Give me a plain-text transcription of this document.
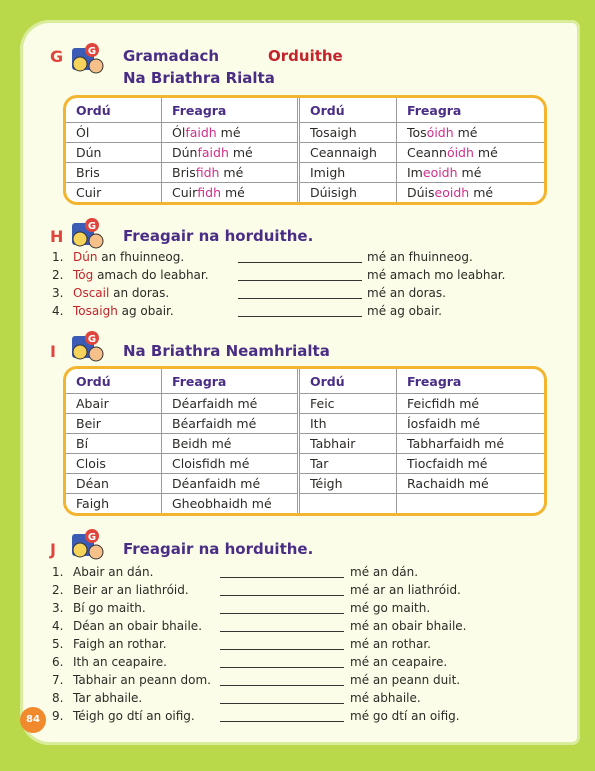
G G Gramadach	Orduithe
Na Briathra Rialta
Ordú	Freagra	Ordú	Freagra
Ól	Ólfaidh mé	Tosaigh	Tosóidh mé
Dún	Dúnfaidh mé	Ceannaigh	Ceannóidh mé
Bris	Brisfidh mé	Imigh	Imeoidh mé
Cuir	Cuirfidh mé	Dúisigh	Dúiseoidh mé
H
G
Freagair na horduithe.
1. Dún an fhuinneog.	mé an fhuinneog.
2. Tóg amach do leabhar.	mé amach mo leabhar.
3. Oscail an doras.	mé an doras.
4. Tosaigh ag obair.	mé ag obair.
I
G
Na Briathra Neamhrialta
Ordú	Freagra	Ordú	Freagra
Abair	Déarfaidh mé	Feic	Feicfidh mé
Beir	Béarfaidh mé	Ith	Íosfaidh mé
Bí	Beidh mé	Tabhair	Tabharfaidh mé
Clois	Cloisfidh mé	Tar	Tiocfaidh mé
Déan	Déanfaidh mé	Téigh	Rachaidh mé
Faigh	Gheobhaidh mé		
J
G
Freagair na horduithe.
1. Abair an dán.	mé an dán.
2. Beir ar an liathróid.	mé ar an liathróid.
3. Bí go maith.	mé go maith.
4. Déan an obair bhaile.	mé an obair bhaile.
5. Faigh an rothar.	mé an rothar.
6. Ith an ceapaire.	mé an ceapaire.
7. Tabhair an peann dom.	mé an peann duit.
8. Tar abhaile.	mé abhaile.
9. Téigh go dtí an oifig.	mé go dtí an oifig.
84
